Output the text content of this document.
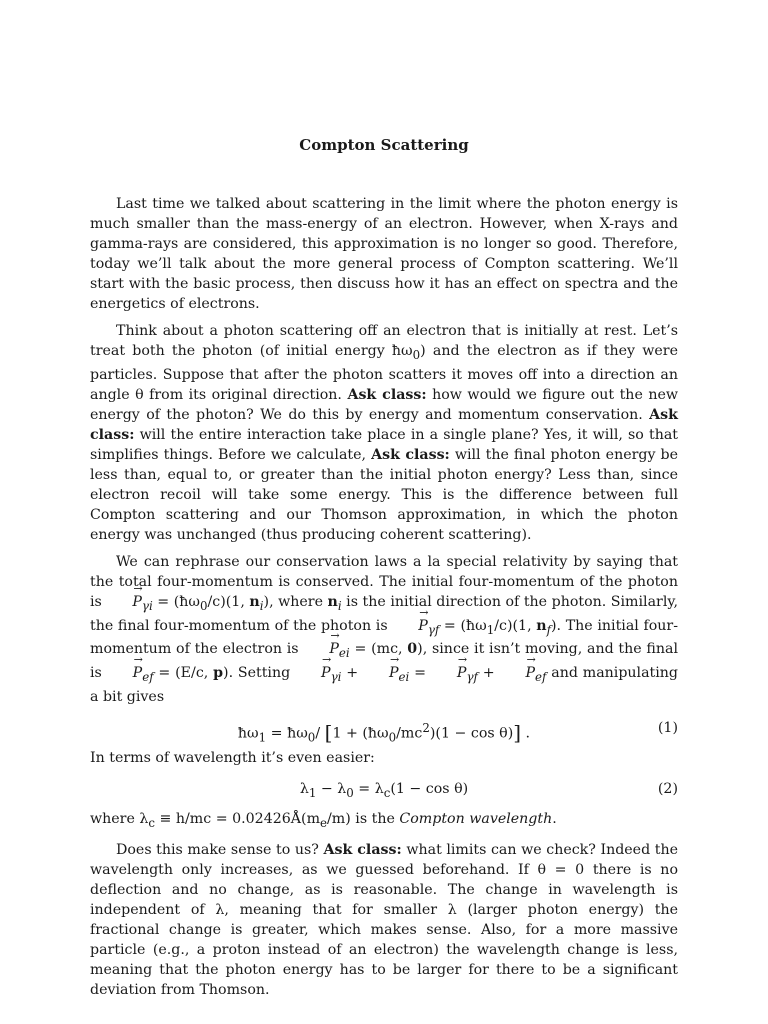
Compton Scattering

Last time we talked about scattering in the limit where the photon energy is much smaller than the mass-energy of an electron. However, when X-rays and gamma-rays are considered, this approximation is no longer so good. Therefore, today we’ll talk about the more general process of Compton scattering. We’ll start with the basic process, then discuss how it has an effect on spectra and the energetics of electrons.

Think about a photon scattering off an electron that is initially at rest. Let’s treat both the photon (of initial energy $ħ\omega_0$) and the electron as if they were particles. Suppose that after the photon scatters it moves off into a direction an angle θ from its original direction. Ask class: how would we figure out the new energy of the photon? We do this by energy and momentum conservation. Ask class: will the entire interaction take place in a single plane? Yes, it will, so that simplifies things. Before we calculate, Ask class: will the final photon energy be less than, equal to, or greater than the initial photon energy? Less than, since electron recoil will take some energy. This is the difference between full Compton scattering and our Thomson approximation, in which the photon energy was unchanged (thus producing coherent scattering).

We can rephrase our conservation laws a la special relativity by saying that the total four-momentum is conserved. The initial four-momentum of the photon is → $P_{\gamma i}$ = $(ħ\omega_0/c)(1$, $n_i$), where $n_i$ is the initial direction of the photon. Similarly, the final four-momentum of the photon is → $P_{\gamma f}$ = $(ħ\omega_1/c)(1$, $n_f$). The initial four-momentum of the electron is → $P_{ei} = (mc$, 0), since it isn’t moving, and the final is → $P_{ef} = (E/c$, p). Setting → $P_{\gamma i}$ + → $P_{ei}$ = → $P_{\gamma f}$ + → $P_{ef}$ and manipulating a bit gives

$ħ\omega_1$ = $ħ\omega_0/$ $[1 + (ħ\omega_0/mc^2)(1 - \cos \theta)]$ .	(1)

In terms of wavelength it’s even easier:

$\lambda_1 - \lambda_0 = \lambda_c(1 - \cos \theta)$	(2)

where $\lambda_c \equiv h/mc$ = $0.02426Å(m_e/m)$ is the Compton wavelength.

Does this make sense to us? Ask class: what limits can we check? Indeed the wavelength only increases, as we guessed beforehand. If θ = 0 there is no deflection and no change, as is reasonable. The change in wavelength is independent of λ, meaning that for smaller λ (larger photon energy) the fractional change is greater, which makes sense. Also, for a more massive particle (e.g., a proton instead of an electron) the wavelength change is less, meaning that the photon energy has to be larger for there to be a significant deviation from Thomson.
